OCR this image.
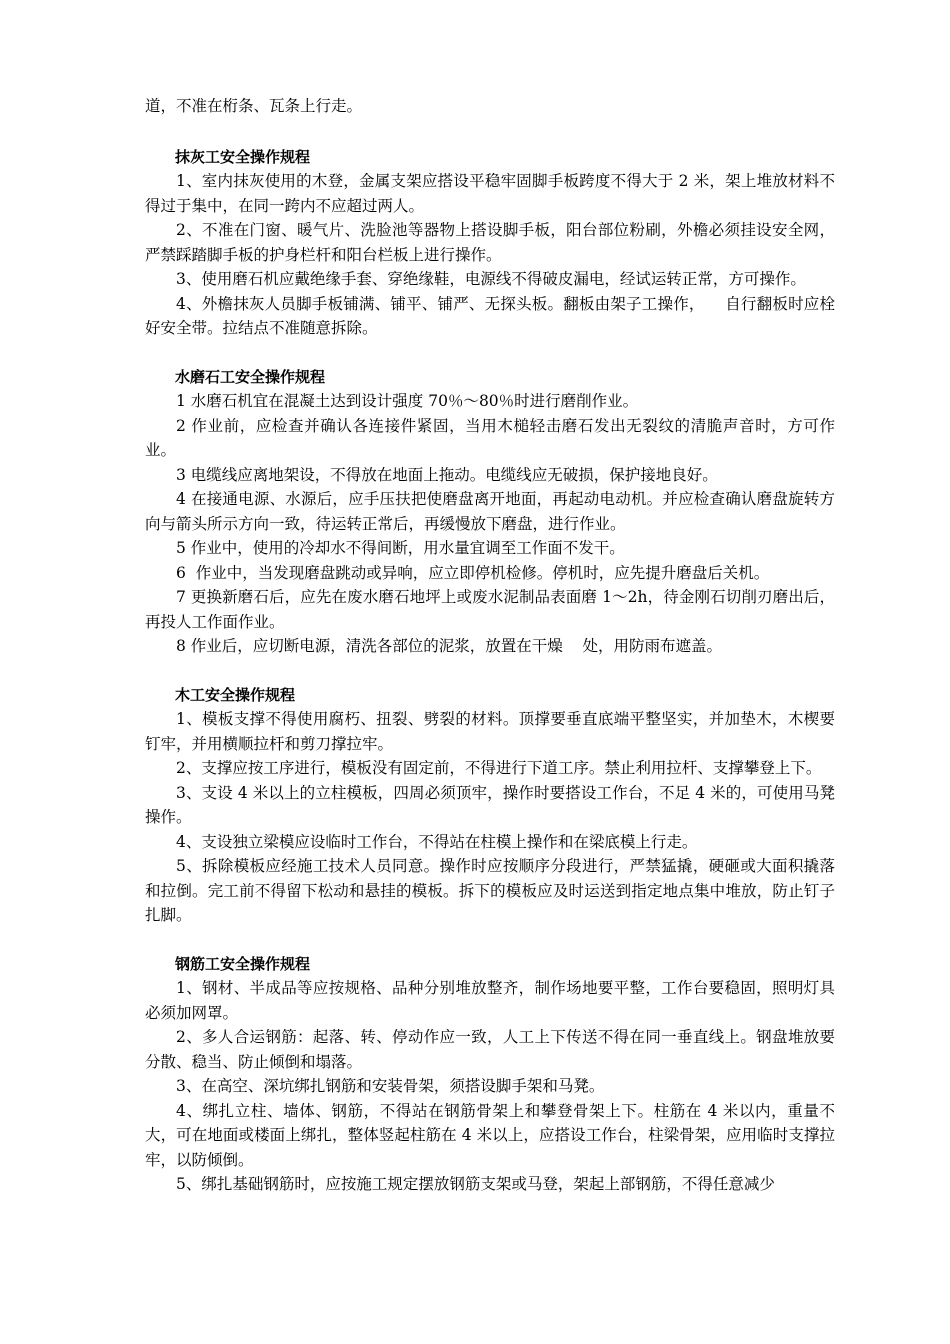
道，不准在桁条、瓦条上行走。

抹灰工安全操作规程

1、室内抹灰使用的木登，金属支架应搭设平稳牢固脚手板跨度不得大于 2 米，架上堆放材料不得过于集中，在同一跨内不应超过两人。

2、不准在门窗、暖气片、洗脸池等器物上搭设脚手板，阳台部位粉刷，外檐必须挂设安全网，严禁踩踏脚手板的护身栏杆和阳台栏板上进行操作。

3、使用磨石机应戴绝缘手套、穿绝缘鞋，电源线不得破皮漏电，经试运转正常，方可操作。

4、外檐抹灰人员脚手板铺满、铺平、铺严、无探头板。翻板由架子工操作，    自行翻板时应栓好安全带。拉结点不准随意拆除。

水磨石工安全操作规程

1 水磨石机宜在混凝土达到设计强度 70％～80％时进行磨削作业。

2 作业前，应检查并确认各连接件紧固，当用木槌轻击磨石发出无裂纹的清脆声音时，方可作业。

3 电缆线应离地架设，不得放在地面上拖动。电缆线应无破损，保护接地良好。

4 在接通电源、水源后，应手压扶把使磨盘离开地面，再起动电动机。并应检查确认磨盘旋转方向与箭头所示方向一致，待运转正常后，再缓慢放下磨盘，进行作业。

5 作业中，使用的冷却水不得间断，用水量宜调至工作面不发干。

6  作业中，当发现磨盘跳动或异响，应立即停机检修。停机时，应先提升磨盘后关机。

7 更换新磨石后，应先在废水磨石地坪上或废水泥制品表面磨 1～2h，待金刚石切削刃磨出后，再投人工作面作业。

8 作业后，应切断电源，清洗各部位的泥浆，放置在干燥    处，用防雨布遮盖。

木工安全操作规程

1、模板支撑不得使用腐朽、扭裂、劈裂的材料。顶撑要垂直底端平整坚实，并加垫木，木楔要钉牢，并用横顺拉杆和剪刀撑拉牢。

2、支撑应按工序进行，模板没有固定前，不得进行下道工序。禁止利用拉杆、支撑攀登上下。

3、支设 4 米以上的立柱模板，四周必须顶牢，操作时要搭设工作台，不足 4 米的，可使用马凳操作。

4、支设独立梁模应设临时工作台，不得站在柱模上操作和在梁底模上行走。

5、拆除模板应经施工技术人员同意。操作时应按顺序分段进行，严禁猛撬，硬砸或大面积撬落和拉倒。完工前不得留下松动和悬挂的模板。拆下的模板应及时运送到指定地点集中堆放，防止钉子扎脚。

钢筋工安全操作规程

1、钢材、半成品等应按规格、品种分别堆放整齐，制作场地要平整，工作台要稳固，照明灯具必须加网罩。

2、多人合运钢筋：起落、转、停动作应一致，人工上下传送不得在同一垂直线上。钢盘堆放要分散、稳当、防止倾倒和塌落。

3、在高空、深坑绑扎钢筋和安装骨架，须搭设脚手架和马凳。

4、绑扎立柱、墙体、钢筋，不得站在钢筋骨架上和攀登骨架上下。柱筋在 4 米以内，重量不大，可在地面或楼面上绑扎，整体竖起柱筋在 4 米以上，应搭设工作台，柱梁骨架，应用临时支撑拉牢，以防倾倒。

5、绑扎基础钢筋时，应按施工规定摆放钢筋支架或马登，架起上部钢筋，不得任意减少
